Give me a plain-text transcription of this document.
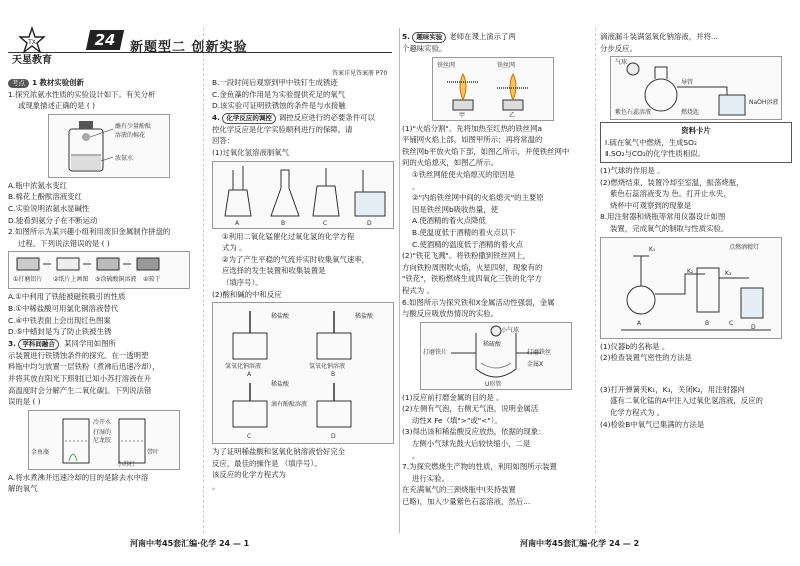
TX
天星教育
24 新题型二 创新实验
答案详见答案册 P70
考点 1 教材实验创新
1.探究浓氨水性质的实验设计如下。有关分析
或现象描述正确的是 ( )
蘸有少量酚酞
溶液的棉花
浓氨水
A.瓶中浓氨水变红
B.棉花上酚酞溶液变红
C.实验说明浓氨水显碱性
D.能看到氨分子在不断运动
2.如图所示为某兴趣小组利用废旧金属制作拼盘的
过程。下列说法错误的是 ( )
①打磨铝片 ②纸片上画图 ③涂硫酸铜溶液 ④晾干
A.①中利用了铁能被磁铁吸引的性质
B.①中稀盐酸可用氯化铜溶液替代
C.④中铁表面上会出现红色图案
D.⑤中蜡封是为了防止铁被生锈
3. 学科间融合 某同学用如图所
示装置进行铁锈蚀条件的探究。在一透明塑
料瓶中均匀放置一层铁粉（煮沸后迅速冷却），
并将其放在阳光下照射[已知小苏打溶液在升
高温度时会分解产生二氧化碳]。下列说法错
误的是 ( )
冷开水
打湿的
尼龙胶
金鱼藻	带叶
小苏打
A.将水煮沸并迅速冷却的目的是除去水中溶
解的氧气
B.一段时间后观察到甲中铁钉生成锈迹
C.金鱼藻的作用是为实验提供充足的氧气
D.该实验可证明铁锈蚀的条件是与水接触
4. 化学反应的调控 调控反应进行的必要条件可以
控化学反应是化学实验顺利进行的保障。请
回答：
(1)过氧化氢溶液制氧气
A	B	C	D
①利用二氧化锰催化过氧化氢的化学方程
式为 。
②为了产生平稳的气流并实时收集氧气速率，
应选择的发生装置和收集装置是
（填序号）。
(2)酸和碱的中和反应
稀盐酸	稀盐酸
氢氧化钠溶液	氢氧化钠溶液
稀盐酸
滴有酚酞溶液
A	B
C	D
为了证明稀盐酸和氢氧化钠溶液恰好完全
反应，最佳的操作是 （填序号）。
该反应的化学方程式为
。
5. 趣味实验 老师在课上演示了两
个趣味实验。
铁丝网	铁丝网
甲	乙
(1)"火焰分割"。先将加热至红热的铁丝网a
平铺网火焰上部，如图甲所示；再将常温的
铁丝网b平放火焰下部，如图乙所示，并使铁丝网中
间的火焰熄灭，如图乙所示。
①铁丝网能使火焰熄灭的原因是
。
②"内焰铁丝网中间的火焰熄灭"的主要原
因是铁丝网b吸收热量，使
A.使酒精的着火点降低
B.使温度低于酒精的着火点以下
C.使酒精的温度低于酒精的着火点
(2)"铁花飞溅"。将铁粉撒到铁丝网上，
方向铁粉周围吹火焰，火星四射，现象有的
"铁花"，铁粉燃烧生成四氧化三铁的化学方
程式为 。
6.如图所示为探究铁和X金属活动性强弱，金属
与酸反应吸放热情况的实验。
小气球
稀硫酸
打磨铁片	打磨铁丝
金属X
U形管
(1)反应前打磨金属的目的是 。
(2)左侧有气泡，右侧无气泡，说明金属活
动性X Fe（填">"或"<"）。
(3)得出该和稀盐酸反应放热，依据的现象：
左侧小气球先鼓大后较快缩小，二是
。
7.为探究燃烧生产物的性质，利用如图所示装置
进行实验。
在充满氧气的三颈烧瓶中(夹持装置
已略)，加入少量紫色石蕊溶液，然后...
滴液漏斗装满氢氧化钠溶液，并将...
分步反应。
气球
导管
紫色石蕊溶液
NaOH溶液
燃烧匙
资料卡片
Ⅰ.硫在氧气中燃烧，生成SO₂
Ⅱ.SO₂与CO₂的化学性质相似。
(1)气球的作用是 。
(2)燃烧结束，装置冷却至室温，振荡烧瓶，
紫色石蕊溶液变为 色。打开止水夹，
烧杯中可观察到的现象是
8.用注射器和烧瓶等常用仪器设计如图
装置，完成氧气的制取与性质实验。
K₁
K₂	K₃
A	B	C
D
点燃酒精灯
(1)仪器b的名称是 。
(2)检查装置气密性的方法是
(3)打开弹簧夹K₁，K₃，关闭K₂，用注射器向
盛有二氧化锰的A中注入过氧化氢溶液，反应的
化学方程式为 。
(4)检验B中氧气已集满的方法是
河南中考45套汇编·化学 24 — 1	河南中考45套汇编·化学 24 — 2
